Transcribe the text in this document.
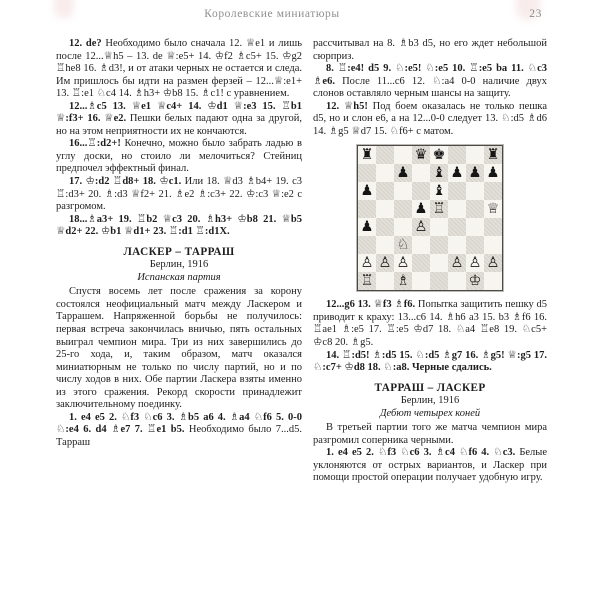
Королевские миниатюры	23

12. de? Необходимо было сначала 12. ♕e1 и лишь после 12...♕h5 – 13. de ♕:e5+ 14. ♔f2 ♗c5+ 15. ♔g2 ♖he8 16. ♗d3!, и от атаки черных не остается и следа. Им пришлось бы идти на размен ферзей – 12...♕:e1+ 13. ♖:e1 ♘c4 14. ♗h3+ ♔b8 15. ♗c1! с уравнением.

12...♗c5 13. ♕e1 ♕c4+ 14. ♔d1 ♕:e3 15. ♖b1 ♕:f3+ 16. ♕e2. Пешки белых падают одна за другой, но на этом неприятности их не кончаются.

16...♖:d2+! Конечно, можно было забрать ладью в углу доски, но стоило ли мелочиться? Стейниц предпочел эффектный финал.

17. ♔:d2 ♖d8+ 18. ♔c1. Или 18. ♕d3 ♗b4+ 19. c3 ♖:d3+ 20. ♗:d3 ♕f2+ 21. ♗e2 ♗:c3+ 22. ♔:c3 ♕:e2 с разгромом.

18...♗a3+ 19. ♖b2 ♕c3 20. ♗h3+ ♔b8 21. ♕b5 ♕d2+ 22. ♔b1 ♕d1+ 23. ♖:d1 ♖:d1X.

ЛАСКЕР – ТАРРАШ

Берлин, 1916

Испанская партия

Спустя восемь лет после сражения за корону состоялся неофициальный матч между Ласкером и Таррашем. Напряженной борьбы не получилось: первая встреча закончилась вничью, пять остальных выиграл чемпион мира. Три из них завершились до 25-го хода, и, таким образом, матч оказался миниатюрным не только по числу партий, но и по числу ходов в них. Обе партии Ласкера взяты именно из этого сражения. Рекорд скорости принадлежит заключительному поединку.

1. e4 e5 2. ♘f3 ♘c6 3. ♗b5 a6 4. ♗a4 ♘f6 5. 0-0 ♘:e4 6. d4 ♗e7 7. ♖e1 b5. Необходимо было 7...d5. Тарраш

рассчитывал на 8. ♗b3 d5, но его ждет небольшой сюрприз.

8. ♖:e4! d5 9. ♘:e5! ♘:e5 10. ♖:e5 ba 11. ♘c3 ♗e6. После 11...c6 12. ♘:a4 0-0 наличие двух слонов оставляло черным шансы на защиту.

12. ♕h5! Под боем оказалась не только пешка d5, но и слон e6, а на 12...0-0 следует 13. ♘:d5 ♗d6 14. ♗g5 ♕d7 15. ♘f6+ с матом.

♜	♛ ♚	♜
♟ ♝ ♟ ♟ ♟
♟	♝
♟ ♖	♕
♟	♙
♘
♙ ♙ ♙	♙ ♙ ♙
♖ ♗	♔

12...g6 13. ♕f3 ♗f6. Попытка защитить пешку d5 приводит к краху: 13...c6 14. ♗h6 a3 15. b3 ♗f6 16. ♖ae1 ♗:e5 17. ♖:e5 ♔d7 18. ♘a4 ♖e8 19. ♘c5+ ♔c8 20. ♗g5.

14. ♖:d5! ♗:d5 15. ♘:d5 ♗g7 16. ♗g5! ♕:g5 17. ♘:c7+ ♔d8 18. ♘:a8. Черные сдались.

ТАРРАШ – ЛАСКЕР

Берлин, 1916

Дебют четырех коней

В третьей партии того же матча чемпион мира разгромил соперника черными.

1. e4 e5 2. ♘f3 ♘c6 3. ♗c4 ♘f6 4. ♘c3. Белые уклоняются от острых вариантов, и Ласкер при помощи простой операции получает удобную игру.
